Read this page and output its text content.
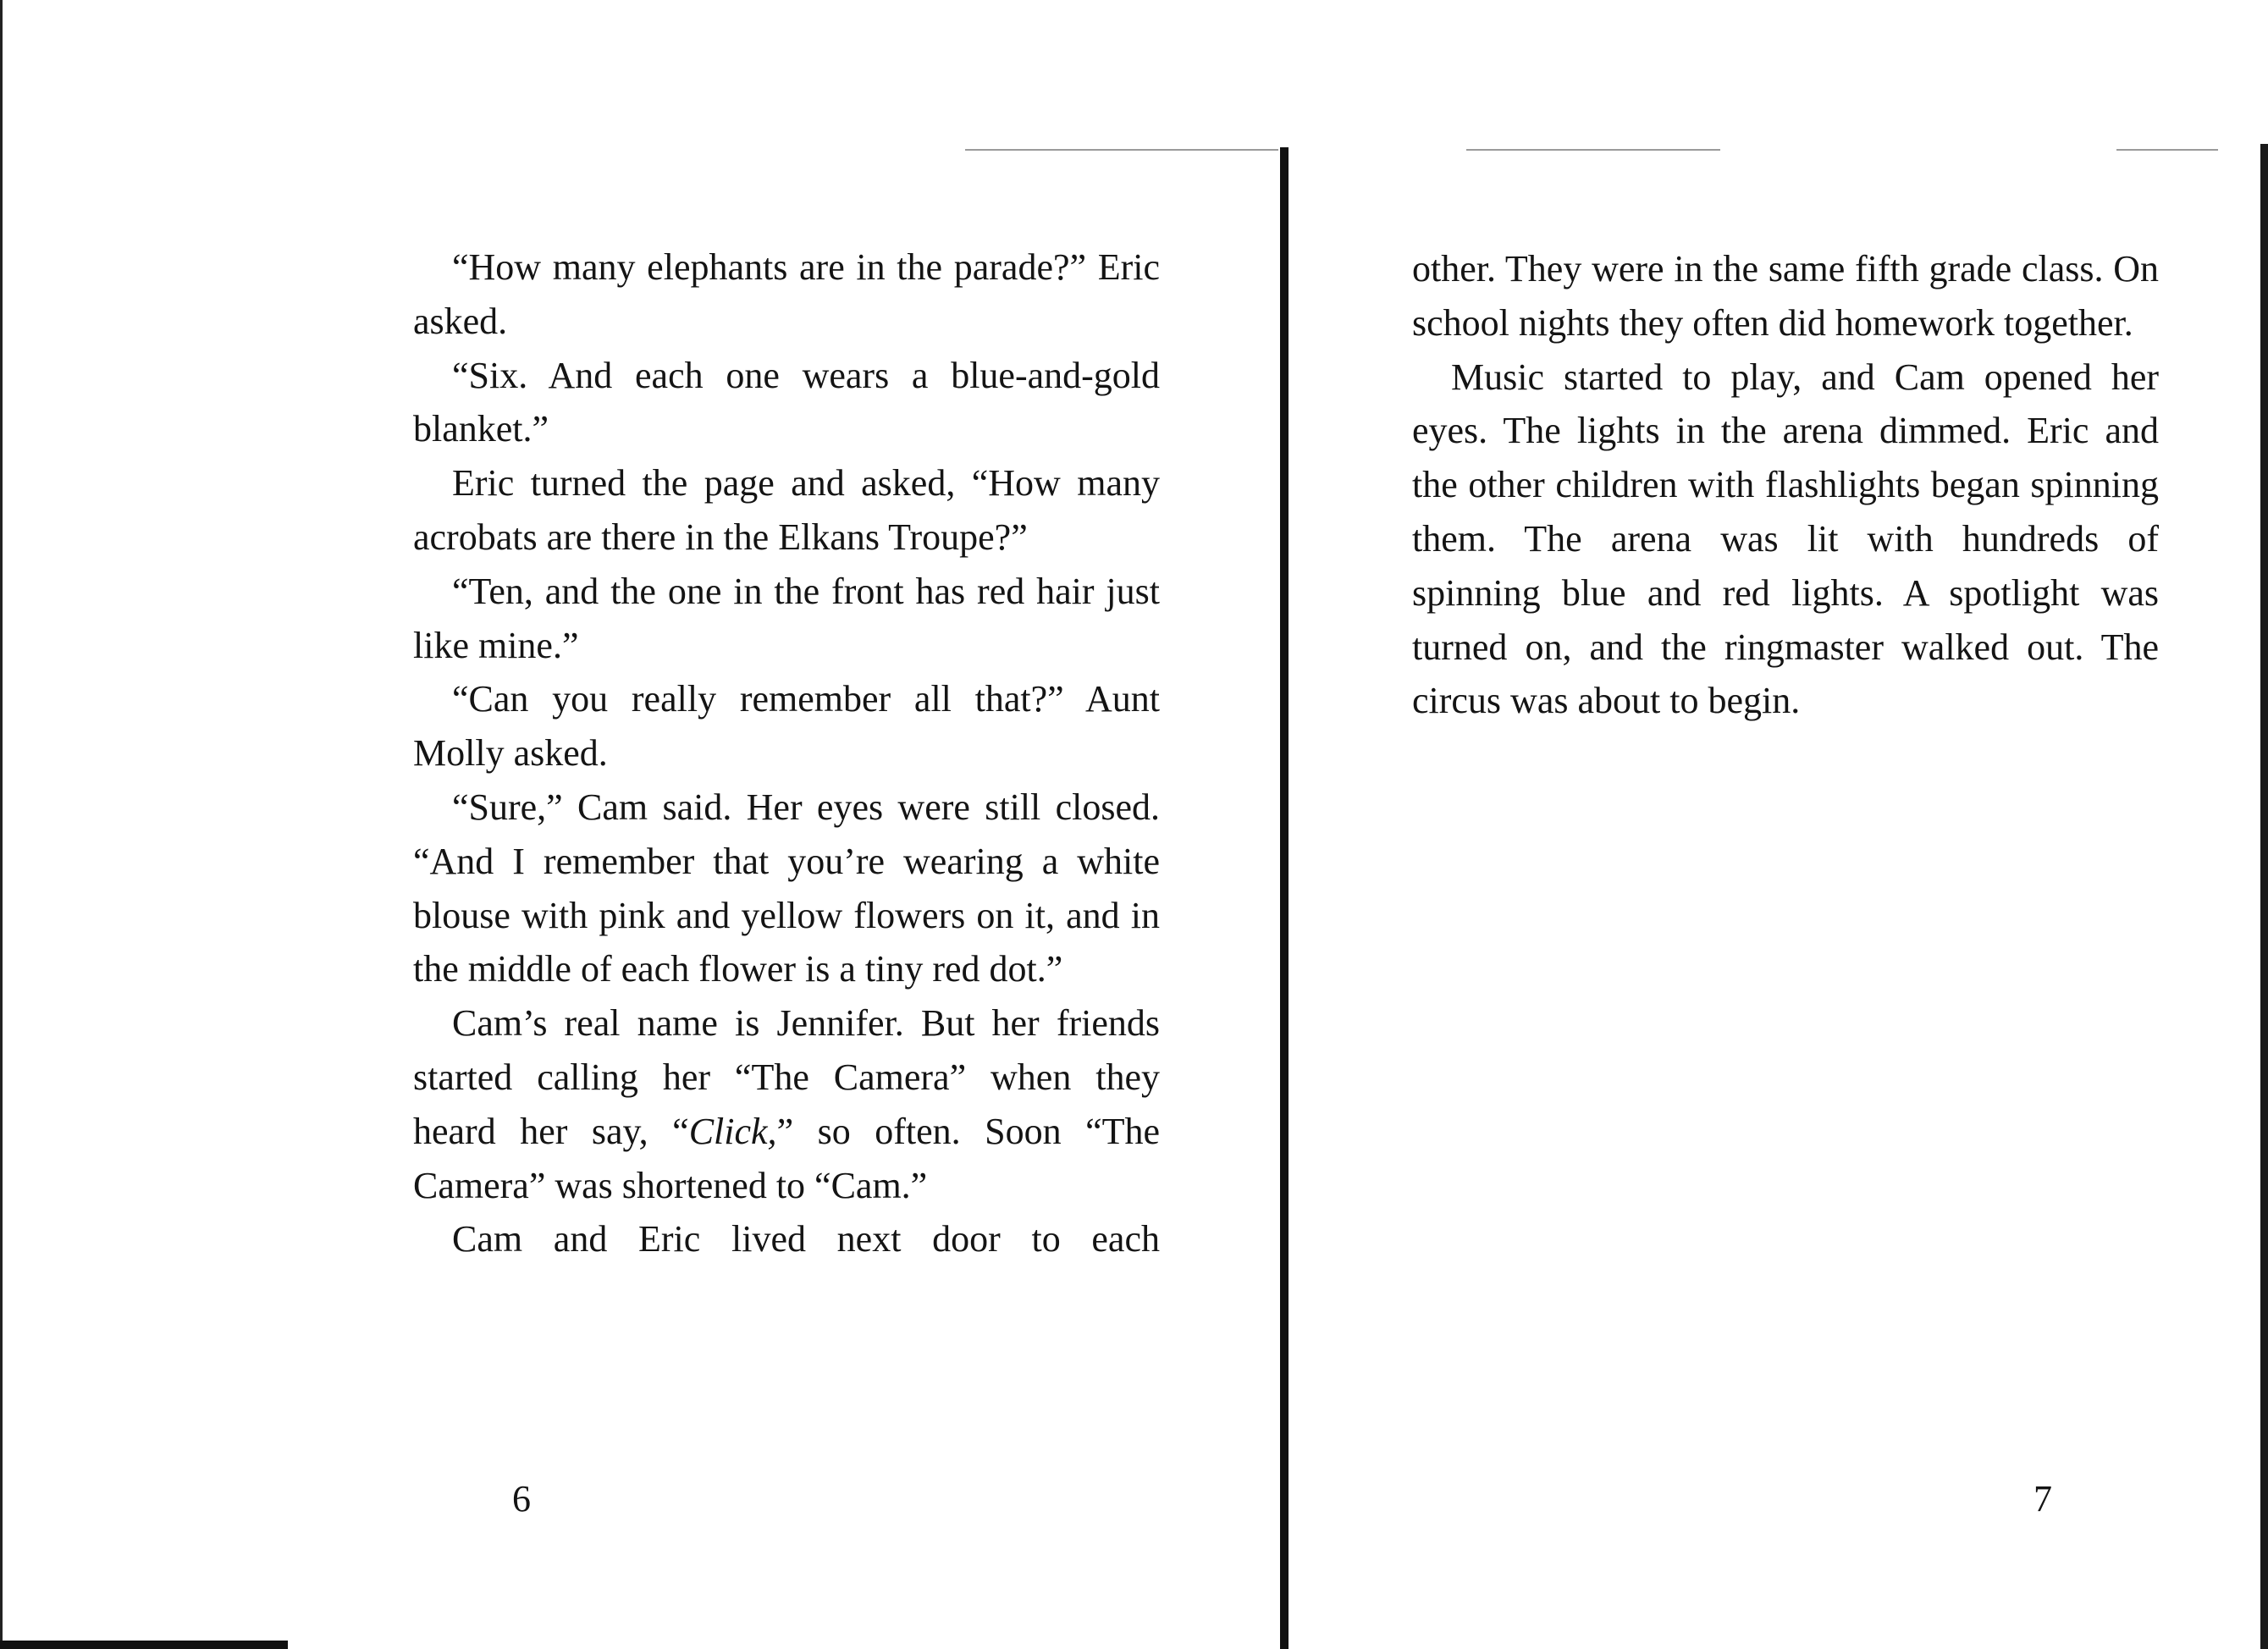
“How many elephants are in the parade?” Eric asked.

“Six. And each one wears a blue-and-gold blanket.”

Eric turned the page and asked, “How many acrobats are there in the Elkans Troupe?”

“Ten, and the one in the front has red hair just like mine.”

“Can you really remember all that?” Aunt Molly asked.

“Sure,” Cam said. Her eyes were still closed. “And I remember that you’re wearing a white blouse with pink and yellow flowers on it, and in the middle of each flower is a tiny red dot.”

Cam’s real name is Jennifer. But her friends started calling her “The Camera” when they heard her say, “Click,” so often. Soon “The Camera” was shortened to “Cam.”

Cam and Eric lived next door to each

6

other. They were in the same fifth grade class. On school nights they often did homework together.

Music started to play, and Cam opened her eyes. The lights in the arena dimmed. Eric and the other children with flashlights began spinning them. The arena was lit with hundreds of spinning blue and red lights. A spotlight was turned on, and the ringmaster walked out. The circus was about to begin.

7
